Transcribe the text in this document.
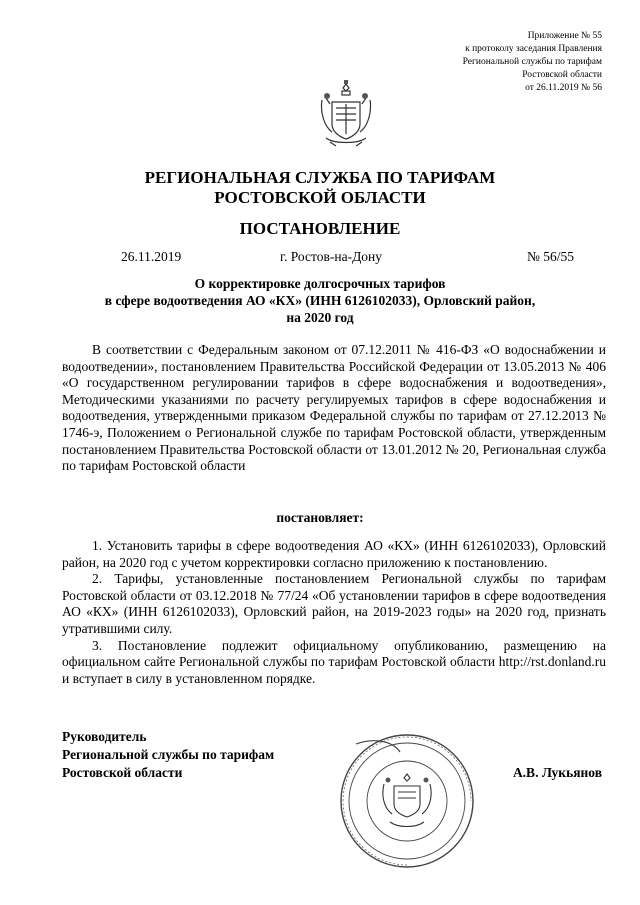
Приложение № 55
к протоколу заседания Правления
Региональной службы по тарифам
Ростовской области
от 26.11.2019 № 56
РЕГИОНАЛЬНАЯ СЛУЖБА ПО ТАРИФАМ
РОСТОВСКОЙ ОБЛАСТИ
ПОСТАНОВЛЕНИЕ
26.11.2019	г. Ростов-на-Дону	№ 56/55
О корректировке долгосрочных тарифов
в сфере водоотведения АО «КХ» (ИНН 6126102033), Орловский район,
на 2020 год

В соответствии с Федеральным законом от 07.12.2011 № 416-ФЗ «О водоснабжении и водоотведении», постановлением Правительства Российской Федерации от 13.05.2013 № 406 «О государственном регулировании тарифов в сфере водоснабжения и водоотведения», Методическими указаниями по расчету регулируемых тарифов в сфере водоснабжения и водоотведения, утвержденными приказом Федеральной службы по тарифам от 27.12.2013 № 1746-э, Положением о Региональной службе по тарифам Ростовской области, утвержденным постановлением Правительства Ростовской области от 13.01.2012 № 20, Региональная служба по тарифам Ростовской области

постановляет:

1. Установить тарифы в сфере водоотведения АО «КХ» (ИНН 6126102033), Орловский район, на 2020 год с учетом корректировки согласно приложению к постановлению.

2. Тарифы, установленные постановлением Региональной службы по тарифам Ростовской области от 03.12.2018 № 77/24 «Об установлении тарифов в сфере водоотведения АО «КХ» (ИНН 6126102033), Орловский район, на 2019-2023 годы» на 2020 год, признать утратившими силу.

3. Постановление подлежит официальному опубликованию, размещению на официальном сайте Региональной службы по тарифам Ростовской области http://rst.donland.ru и вступает в силу в установленном порядке.

Руководитель
Региональной службы по тарифам
Ростовской области	А.В. Лукьянов
